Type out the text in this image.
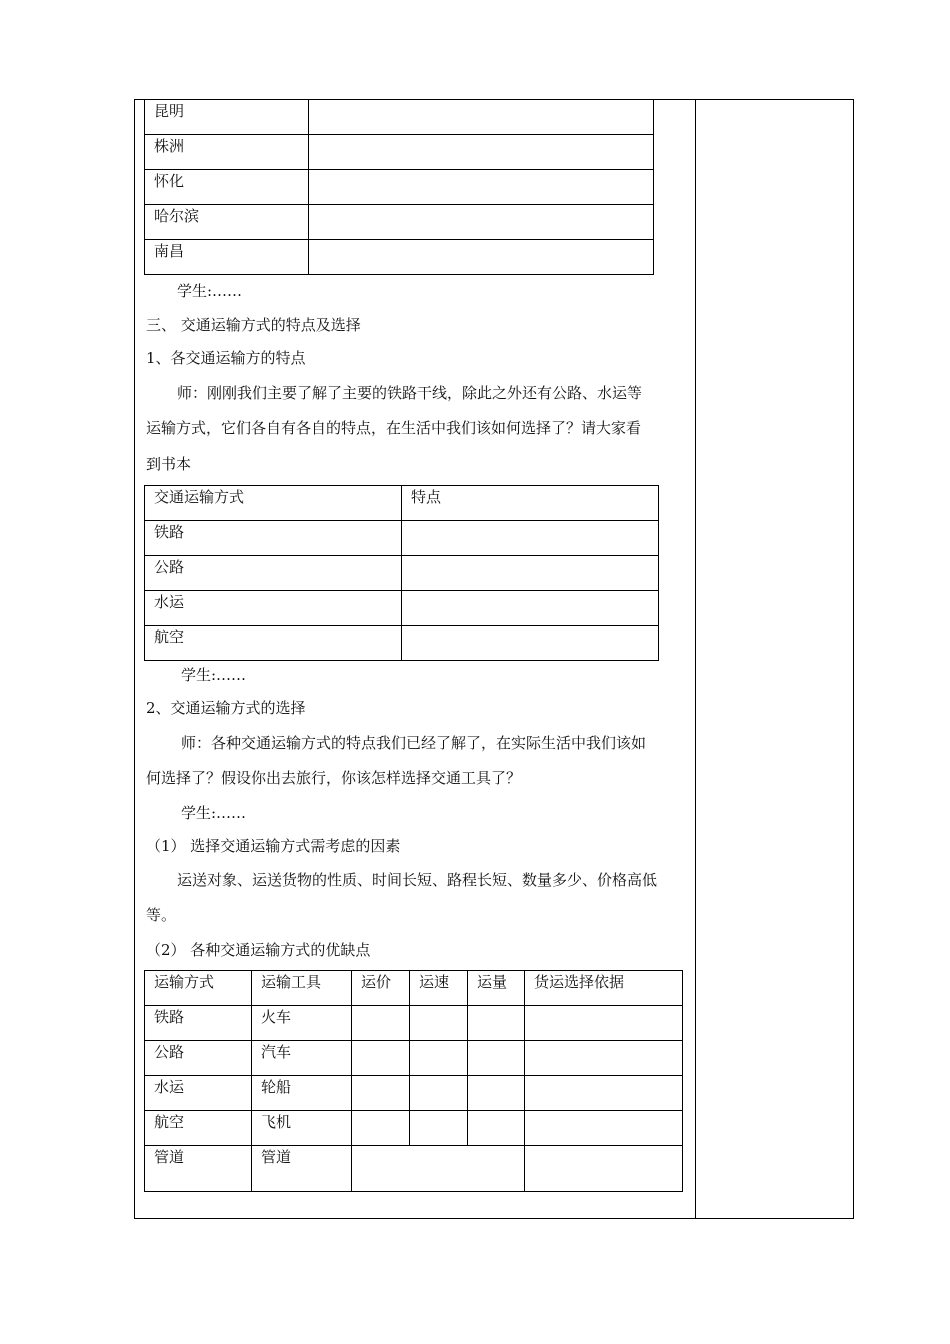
昆明	
株洲	
怀化	
哈尔滨	
南昌	
学生:……
三、 交通运输方式的特点及选择
1、各交通运输方的特点
师：刚刚我们主要了解了主要的铁路干线，除此之外还有公路、水运等
运输方式，它们各自有各自的特点，在生活中我们该如何选择了？请大家看
到书本
交通运输方式	特点
铁路	
公路	
水运	
航空	
学生:……
2、交通运输方式的选择
师：各种交通运输方式的特点我们已经了解了，在实际生活中我们该如
何选择了？假设你出去旅行，你该怎样选择交通工具了？
学生:……
（1） 选择交通运输方式需考虑的因素
运送对象、运送货物的性质、时间长短、路程长短、数量多少、价格高低
等。
（2） 各种交通运输方式的优缺点
运输方式	运输工具	运价	运速	运量	货运选择依据
铁路	火车				
公路	汽车				
水运	轮船				
航空	飞机				
管道	管道				
